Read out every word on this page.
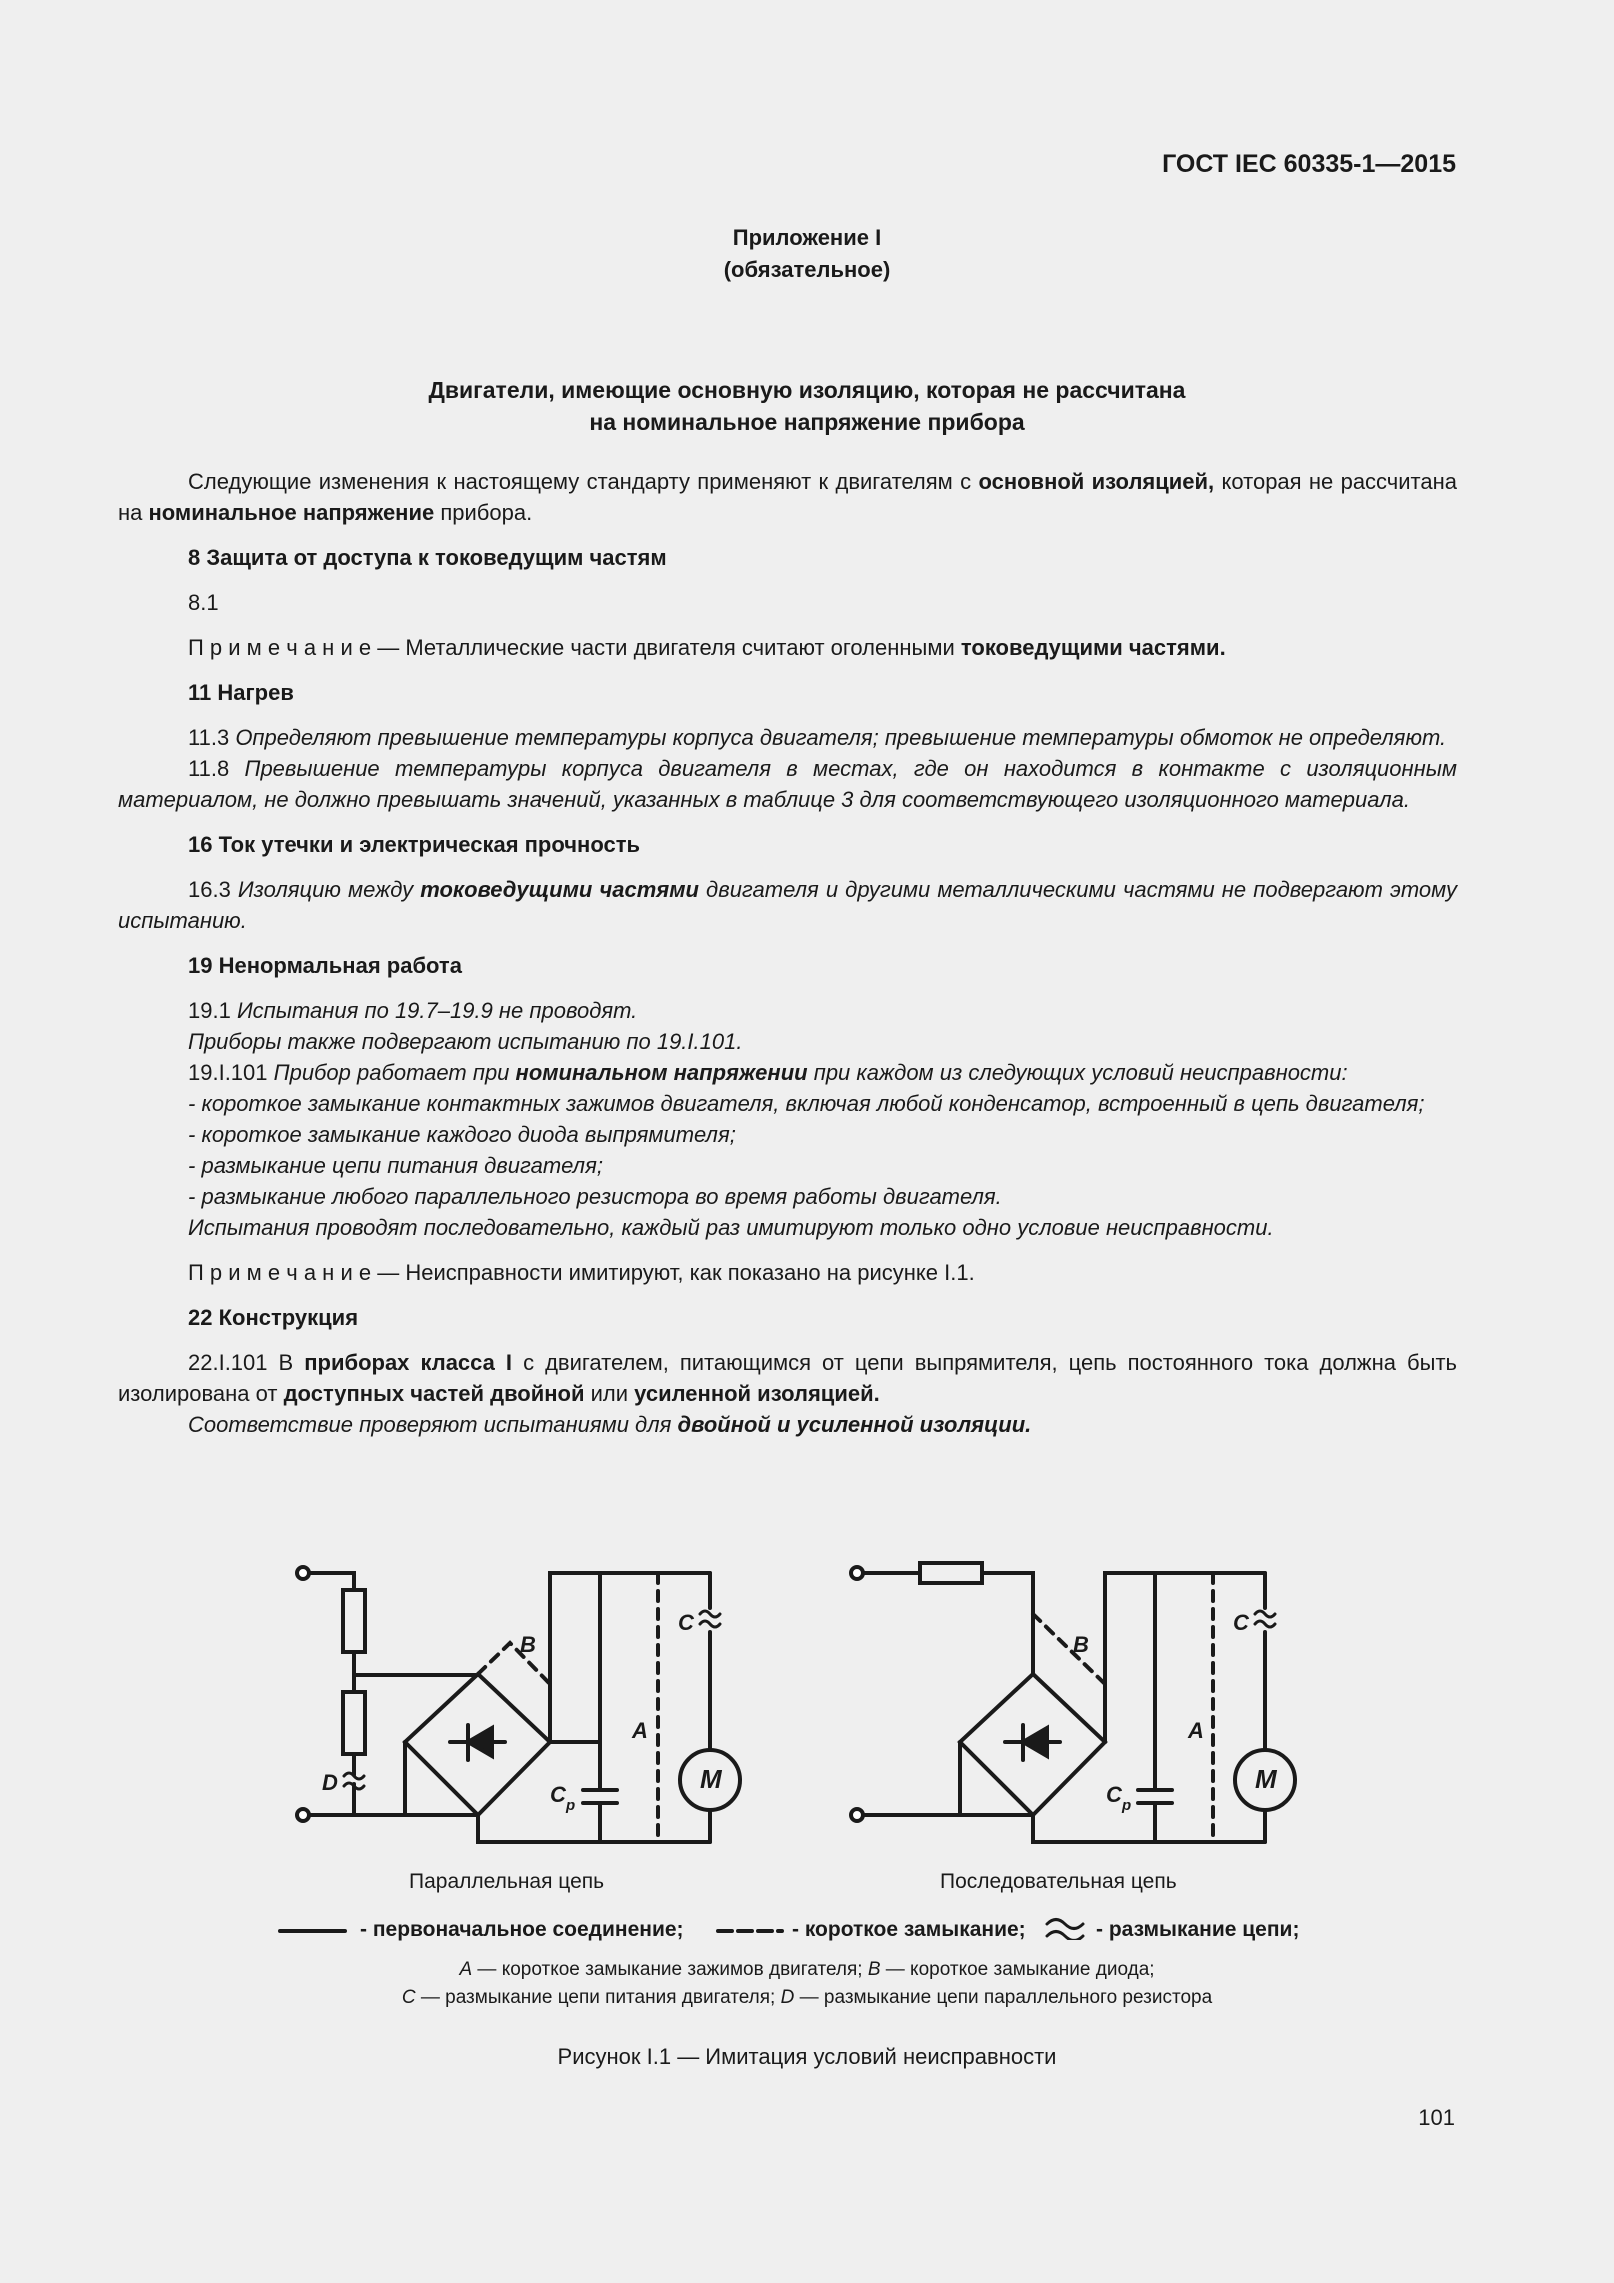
ГОСТ IEC 60335-1—2015
Приложение I
(обязательное)
Двигатели, имеющие основную изоляцию, которая не рассчитана
на номинальное напряжение прибора

Следующие изменения к настоящему стандарту применяют к двигателям с основной изоляцией, которая не рассчитана на номинальное напряжение прибора.

8 Защита от доступа к токоведущим частям

8.1

П р и м е ч а н и е — Металлические части двигателя считают оголенными токоведущими частями.

11 Нагрев

11.3 Определяют превышение температуры корпуса двигателя; превышение температуры обмоток не определяют.

11.8 Превышение температуры корпуса двигателя в местах, где он находится в контакте с изоляционным материалом, не должно превышать значений, указанных в таблице 3 для соответствующего изоляционного материала.

16 Ток утечки и электрическая прочность

16.3 Изоляцию между токоведущими частями двигателя и другими металлическими частями не подвергают этому испытанию.

19 Ненормальная работа

19.1 Испытания по 19.7–19.9 не проводят.

Приборы также подвергают испытанию по 19.I.101.

19.I.101 Прибор работает при номинальном напряжении при каждом из следующих условий неисправности:

- короткое замыкание контактных зажимов двигателя, включая любой конденсатор, встроенный в цепь двигателя;

- короткое замыкание каждого диода выпрямителя;

- размыкание цепи питания двигателя;

- размыкание любого параллельного резистора во время работы двигателя.

Испытания проводят последовательно, каждый раз имитируют только одно условие неисправности.

П р и м е ч а н и е — Неисправности имитируют, как показано на рисунке I.1.

22 Конструкция

22.I.101 В приборах класса I с двигателем, питающимся от цепи выпрямителя, цепь постоянного тока должна быть изолирована от доступных частей двойной или усиленной изоляцией.

Соответствие проверяют испытаниями для двойной и усиленной изоляции.

B
A
C
D	C p
M
B
A
C
C p
M
Параллельная цепь	Последовательная цепь
- первоначальное соединение;	- короткое замыкание;	- размыкание цепи;
A — короткое замыкание зажимов двигателя; B — короткое замыкание диода;
C — размыкание цепи питания двигателя; D — размыкание цепи параллельного резистора
Рисунок I.1 — Имитация условий неисправности
101
